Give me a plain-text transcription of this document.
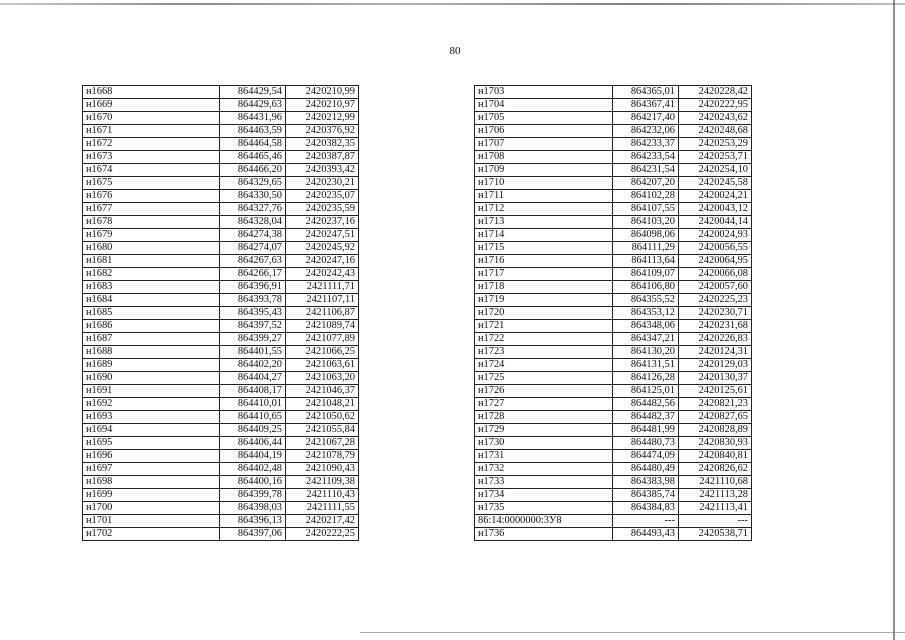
80
н1668	864429,54	2420210,99
н1669	864429,63	2420210,97
н1670	864431,96	2420212,99
н1671	864463,59	2420376,92
н1672	864464,58	2420382,35
н1673	864465,46	2420387,87
н1674	864466,20	2420393,42
н1675	864329,65	2420230,21
н1676	864330,50	2420235,07
н1677	864327,76	2420235,59
н1678	864328,04	2420237,16
н1679	864274,38	2420247,51
н1680	864274,07	2420245,92
н1681	864267,63	2420247,16
н1682	864266,17	2420242,43
н1683	864396,91	2421111,71
н1684	864393,78	2421107,11
н1685	864395,43	2421106,87
н1686	864397,52	2421089,74
н1687	864399,27	2421077,89
н1688	864401,55	2421066,25
н1689	864402,20	2421063,61
н1690	864404,27	2421063,20
н1691	864408,17	2421046,37
н1692	864410,01	2421048,21
н1693	864410,65	2421050,62
н1694	864409,25	2421055,84
н1695	864406,44	2421067,28
н1696	864404,19	2421078,79
н1697	864402,48	2421090,43
н1698	864400,16	2421109,38
н1699	864399,78	2421110,43
н1700	864398,03	2421111,55
н1701	864396,13	2420217,42
н1702	864397,06	2420222,25
н1703	864365,01	2420228,42
н1704	864367,41	2420222,95
н1705	864217,40	2420243,62
н1706	864232,06	2420248,68
н1707	864233,37	2420253,29
н1708	864233,54	2420253,71
н1709	864231,54	2420254,10
н1710	864207,20	2420245,58
н1711	864102,28	2420024,21
н1712	864107,55	2420043,12
н1713	864103,20	2420044,14
н1714	864098,06	2420024,93
н1715	864111,29	2420056,55
н1716	864113,64	2420064,95
н1717	864109,07	2420066,08
н1718	864106,80	2420057,60
н1719	864355,52	2420225,23
н1720	864353,12	2420230,71
н1721	864348,06	2420231,68
н1722	864347,21	2420226,83
н1723	864130,20	2420124,31
н1724	864131,51	2420129,03
н1725	864126,28	2420130,37
н1726	864125,01	2420125,61
н1727	864482,56	2420821,23
н1728	864482,37	2420827,65
н1729	864481,99	2420828,89
н1730	864480,73	2420830,93
н1731	864474,09	2420840,81
н1732	864480,49	2420826,62
н1733	864383,98	2421110,68
н1734	864385,74	2421113,28
н1735	864384,83	2421113,41
86:14:0000000:3У8	---	---
н1736	864493,43	2420538,71
